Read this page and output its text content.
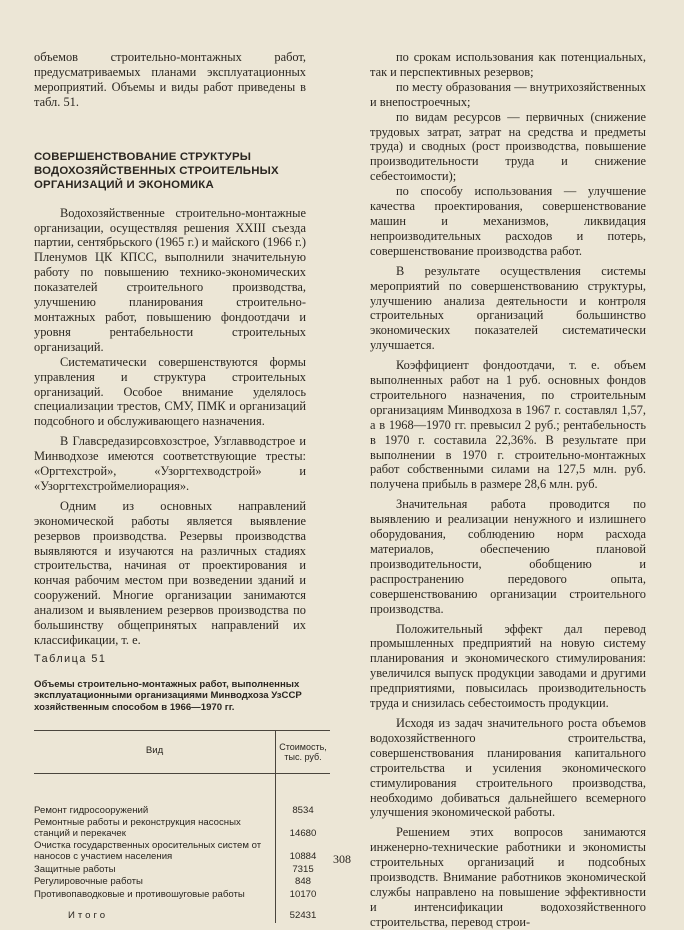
объемов строительно-монтажных работ, предусматриваемых планами эксплуатационных мероприятий. Объемы и виды работ приведены в табл. 51.

СОВЕРШЕНСТВОВАНИЕ СТРУКТУРЫ ВОДОХОЗЯЙСТВЕННЫХ СТРОИТЕЛЬНЫХ ОРГАНИЗАЦИЙ И ЭКОНОМИКА

Водохозяйственные строительно-монтажные организации, осуществляя решения XXIII съезда партии, сентябрьского (1965 г.) и майского (1966 г.) Пленумов ЦК КПСС, выполнили значительную работу по повышению технико-экономических показателей строительного производства, улучшению планирования строительно-монтажных работ, повышению фондоотдачи и уровня рентабельности строительных организаций.

Систематически совершенствуются формы управления и структура строительных организаций. Особое внимание уделялось специализации трестов, СМУ, ПМК и организаций подсобного и обслуживающего назначения.

В Главсредазирсовхозстрое, Узглавводстрое и Минводхозе имеются соответствующие тресты: «Оргтехстрой», «Узоргтехводстрой» и «Узоргтехстроймелиорация».

Одним из основных направлений экономической работы является выявление резервов производства. Резервы производства выявляются и изучаются на различных стадиях строительства, начиная от проектирования и кончая рабочим местом при возведении зданий и сооружений. Многие организации занимаются анализом и выявлением резервов производства по большинству общепринятых направлений их классификации, т. е.

Таблица 51
Объемы строительно-монтажных работ, выполненных эксплуатационными организациями Минводхоза УзССР хозяйственным способом в 1966—1970 гг.
Вид	Стоимость, тыс. руб.
Ремонт гидросооружений	8534
Ремонтные работы и реконструкция насосных станций и перекачек	14680
Очистка государственных оросительных систем от наносов с участием населения	10884
Защитные работы	7315
Регулировочные работы	848
Противопаводковые и противошуговые работы	10170
Итого	52431

по срокам использования как потенциальных, так и перспективных резервов;

по месту образования — внутрихозяйственных и внепостроечных;

по видам ресурсов — первичных (снижение трудовых затрат, затрат на средства и предметы труда) и сводных (рост производства, повышение производительности труда и снижение себестоимости);

по способу использования — улучшение качества проектирования, совершенствование машин и механизмов, ликвидация непроизводительных расходов и потерь, совершенствование производства работ.

В результате осуществления системы мероприятий по совершенствованию структуры, улучшению анализа деятельности и контроля строительных организаций большинство экономических показателей систематически улучшается.

Коэффициент фондоотдачи, т. е. объем выполненных работ на 1 руб. основных фондов строительного назначения, по строительным организациям Минводхоза в 1967 г. составлял 1,57, а в 1968—1970 гг. превысил 2 руб.; рентабельность в 1970 г. составила 22,36%. В результате при выполнении в 1970 г. строительно-монтажных работ собственными силами на 127,5 млн. руб. получена прибыль в размере 28,6 млн. руб.

Значительная работа проводится по выявлению и реализации ненужного и излишнего оборудования, соблюдению норм расхода материалов, обеспечению плановой производительности, обобщению и распространению передового опыта, совершенствованию организации строительного производства.

Положительный эффект дал перевод промышленных предприятий на новую систему планирования и экономического стимулирования: увеличился выпуск продукции заводами и другими предприятиями, повысилась производительность труда и снизилась себестоимость продукции.

Исходя из задач значительного роста объемов водохозяйственного строительства, совершенствования планирования капитального строительства и усиления экономического стимулирования строительного производства, необходимо добиваться дальнейшего всемерного улучшения экономической работы.

Решением этих вопросов занимаются инженерно-технические работники и экономисты строительных организаций и подсобных производств. Внимание работников экономической службы направлено на повышение эффективности и интенсификации водохозяйственного строительства, перевод строи-

308
